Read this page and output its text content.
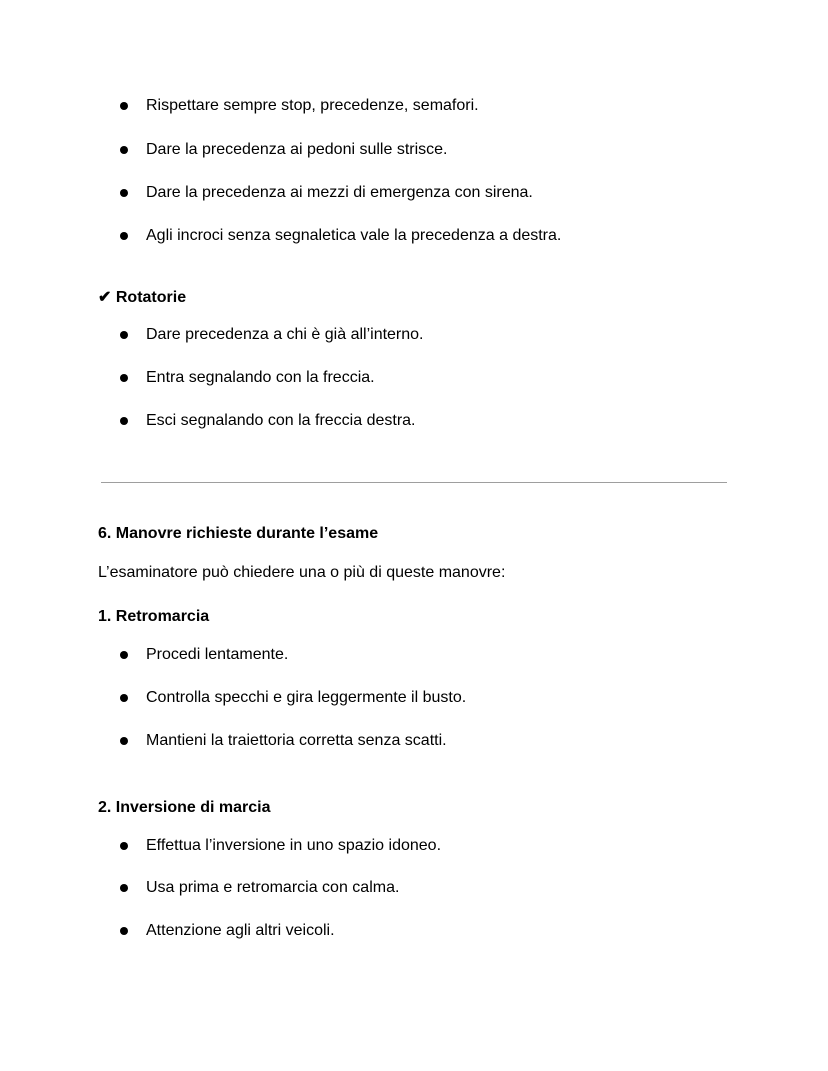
Rispettare sempre stop, precedenze, semafori.
Dare la precedenza ai pedoni sulle strisce.
Dare la precedenza ai mezzi di emergenza con sirena.
Agli incroci senza segnaletica vale la precedenza a destra.
✔ Rotatorie
Dare precedenza a chi è già all’interno.
Entra segnalando con la freccia.
Esci segnalando con la freccia destra.
6. Manovre richieste durante l’esame
L’esaminatore può chiedere una o più di queste manovre:
1. Retromarcia
Procedi lentamente.
Controlla specchi e gira leggermente il busto.
Mantieni la traiettoria corretta senza scatti.
2. Inversione di marcia
Effettua l’inversione in uno spazio idoneo.
Usa prima e retromarcia con calma.
Attenzione agli altri veicoli.
